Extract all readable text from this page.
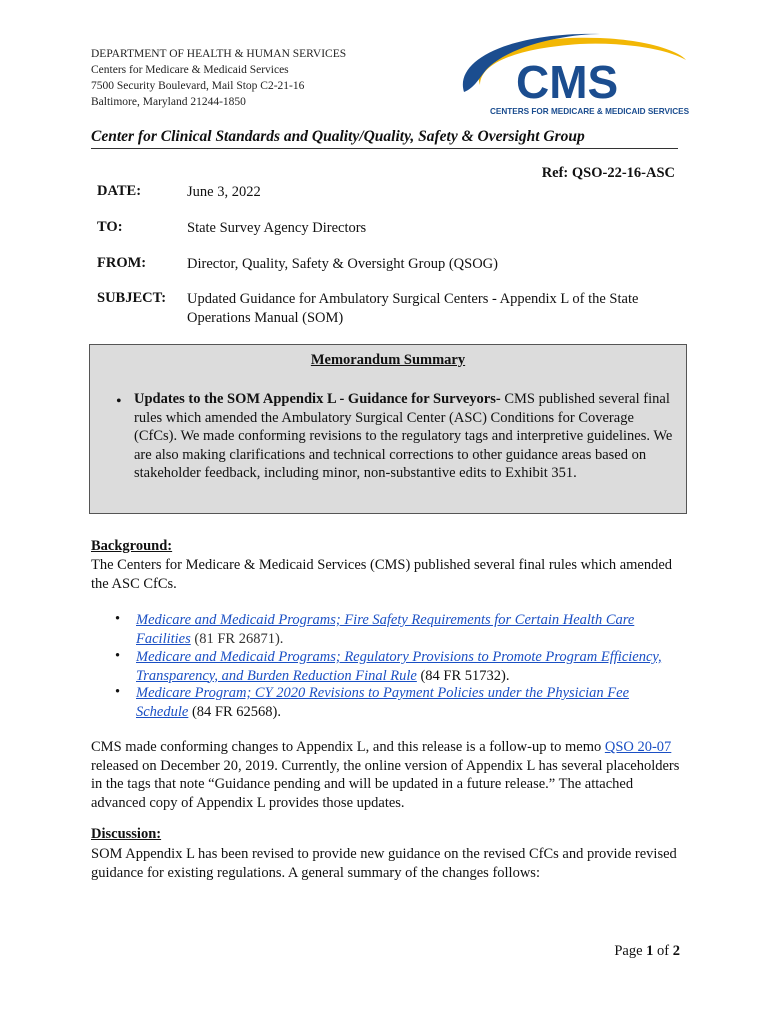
DEPARTMENT OF HEALTH & HUMAN SERVICES
Centers for Medicare & Medicaid Services
7500 Security Boulevard, Mail Stop C2-21-16
Baltimore, Maryland 21244-1850	CMS
CENTERS FOR MEDICARE & MEDICAID SERVICES
Center for Clinical Standards and Quality/Quality, Safety & Oversight Group
Ref: QSO-22-16-ASC
DATE:	June 3, 2022
TO:	State Survey Agency Directors
FROM:	Director, Quality, Safety & Oversight Group (QSOG)
SUBJECT: Updated Guidance for Ambulatory Surgical Centers - Appendix L of the State Operations Manual (SOM)
Memorandum Summary
• Updates to the SOM Appendix L - Guidance for Surveyors- CMS published several final rules which amended the Ambulatory Surgical Center (ASC) Conditions for Coverage (CfCs). We made conforming revisions to the regulatory tags and interpretive guidelines. We are also making clarifications and technical corrections to other guidance areas based on stakeholder feedback, including minor, non-substantive edits to Exhibit 351.
Background:
The Centers for Medicare & Medicaid Services (CMS) published several final rules which amended the ASC CfCs.
• Medicare and Medicaid Programs; Fire Safety Requirements for Certain Health Care Facilities (81 FR 26871).
• Medicare and Medicaid Programs; Regulatory Provisions to Promote Program Efficiency, Transparency, and Burden Reduction Final Rule (84 FR 51732).
• Medicare Program; CY 2020 Revisions to Payment Policies under the Physician Fee Schedule (84 FR 62568).
CMS made conforming changes to Appendix L, and this release is a follow-up to memo QSO 20-07 released on December 20, 2019. Currently, the online version of Appendix L has several placeholders in the tags that note “Guidance pending and will be updated in a future release.” The attached advanced copy of Appendix L provides those updates.
Discussion:
SOM Appendix L has been revised to provide new guidance on the revised CfCs and provide revised guidance for existing regulations. A general summary of the changes follows:
Page 1 of 2
